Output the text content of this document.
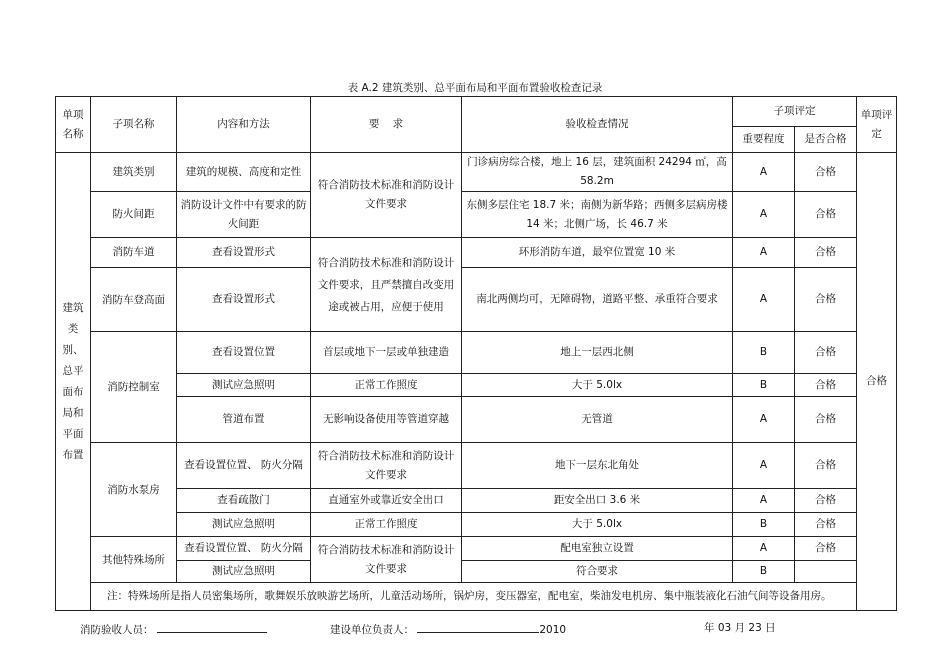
表 A.2 建筑类别、总平面布局和平面布置验收检查记录
单项名称	子项名称	内容和方法	要    求	验收检查情况	子项评定		单项评定
					重要程度	是否合格	

建筑类别、总平面布局和平面布置	建筑类别	建筑的规模、高度和定性	符合消防技术标准和消防设计文件要求	门诊病房综合楼，地上 16 层，建筑面积 24294 ㎡，高 58.2m	A	合格	合格
	防火间距	消防设计文件中有要求的防火间距		东侧多层住宅 18.7 米；南侧为新华路；西侧多层病房楼 14 米；北侧广场，长 46.7 米	A	合格	
	消防车道	查看设置形式	符合消防技术标准和消防设计文件要求，且严禁擅自改变用途或被占用，应便于使用	环形消防车道，最窄位置宽 10 米	A	合格	
	消防车登高面	查看设置形式		南北两侧均可，无障碍物，道路平整、承重符合要求	A	合格	
	消防控制室	查看设置位置	首层或地下一层或单独建造	地上一层西北侧	B	合格	
		测试应急照明	正常工作照度	大于 5.0lx	B	合格	
		管道布置	无影响设备使用等管道穿越	无管道	A	合格	
	消防水泵房	查看设置位置、 防火分隔	符合消防技术标准和消防设计文件要求	地下一层东北角处	A	合格	
		查看疏散门	直通室外或靠近安全出口	距安全出口 3.6 米	A	合格	
		测试应急照明	正常工作照度	大于 5.0lx	B	合格	
	其他特殊场所	查看设置位置、 防火分隔	符合消防技术标准和消防设计文件要求	配电室独立设置	A	合格	
		测试应急照明		符合要求	B		
	注：特殊场所是指人员密集场所，歌舞娱乐放映游艺场所，儿童活动场所，锅炉房，变压器室，配电室，柴油发电机房、集中瓶装液化石油气间等设备用房。						
消防验收人员：	建设单位负责人：	2010	年 03 月 23 日
